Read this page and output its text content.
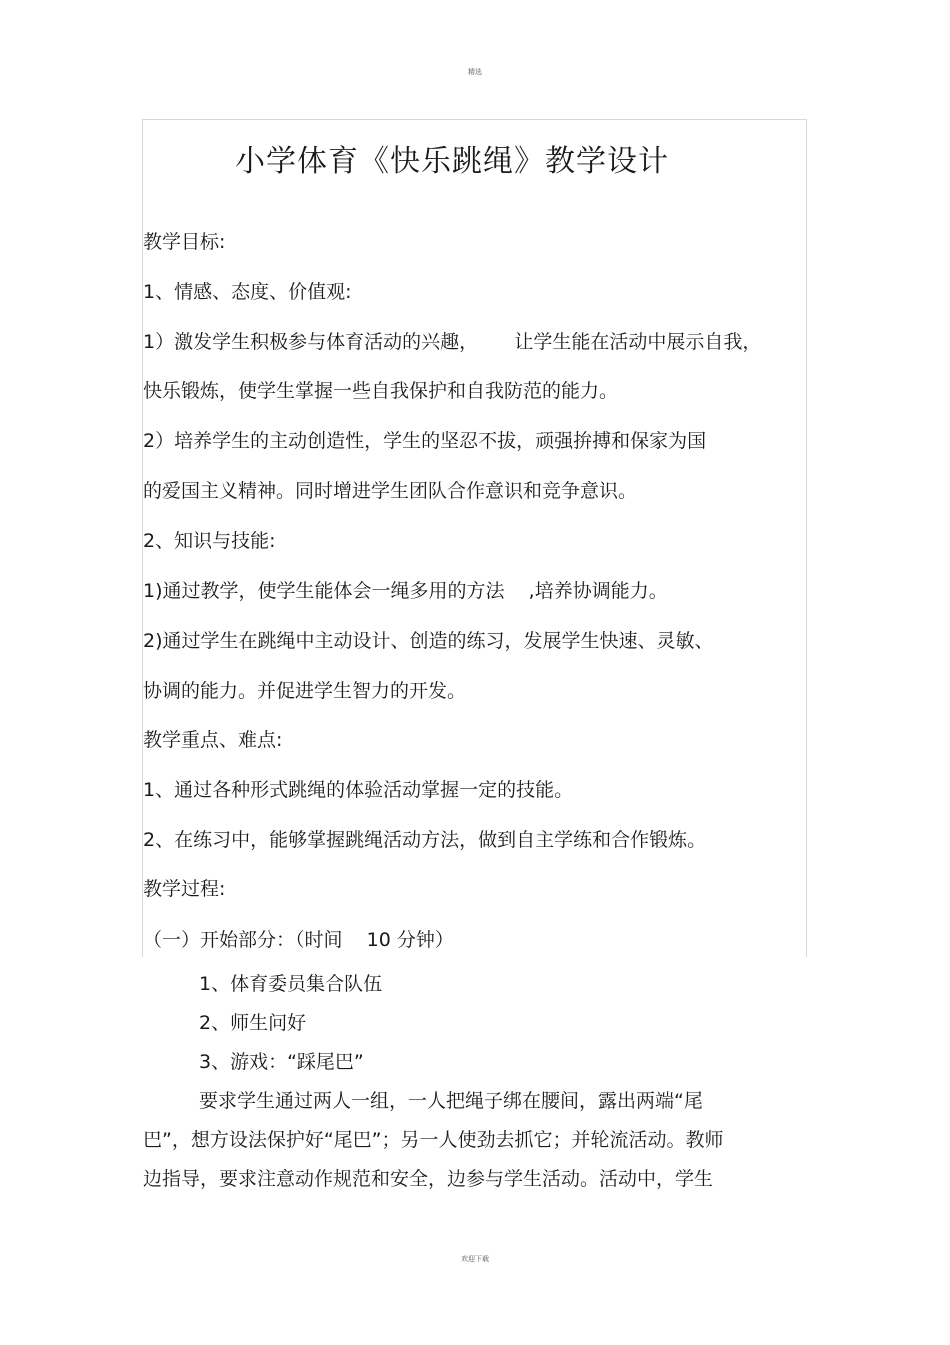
精选
小学体育《快乐跳绳》教学设计
教学目标:
1、情感、态度、价值观:
1）激发学生积极参与体育活动的兴趣，      让学生能在活动中展示自我，
快乐锻炼，使学生掌握一些自我保护和自我防范的能力。
2）培养学生的主动创造性，学生的坚忍不拔，顽强拚搏和保家为国
的爱国主义精神。同时增进学生团队合作意识和竞争意识。
2、知识与技能:
1)通过教学，使学生能体会一绳多用的方法    ,培养协调能力。
2)通过学生在跳绳中主动设计、创造的练习，发展学生快速、灵敏、
协调的能力。并促进学生智力的开发。
教学重点、难点:
1、通过各种形式跳绳的体验活动掌握一定的技能。
2、在练习中，能够掌握跳绳活动方法，做到自主学练和合作锻炼。
教学过程:
（一）开始部分：（时间    10 分钟）
1、体育委员集合队伍
2、师生问好
3、游戏：“踩尾巴”
要求学生通过两人一组，一人把绳子绑在腰间，露出两端“尾
巴”，想方设法保护好“尾巴”；另一人使劲去抓它；并轮流活动。教师
边指导，要求注意动作规范和安全，边参与学生活动。活动中，学生
欢迎下载
